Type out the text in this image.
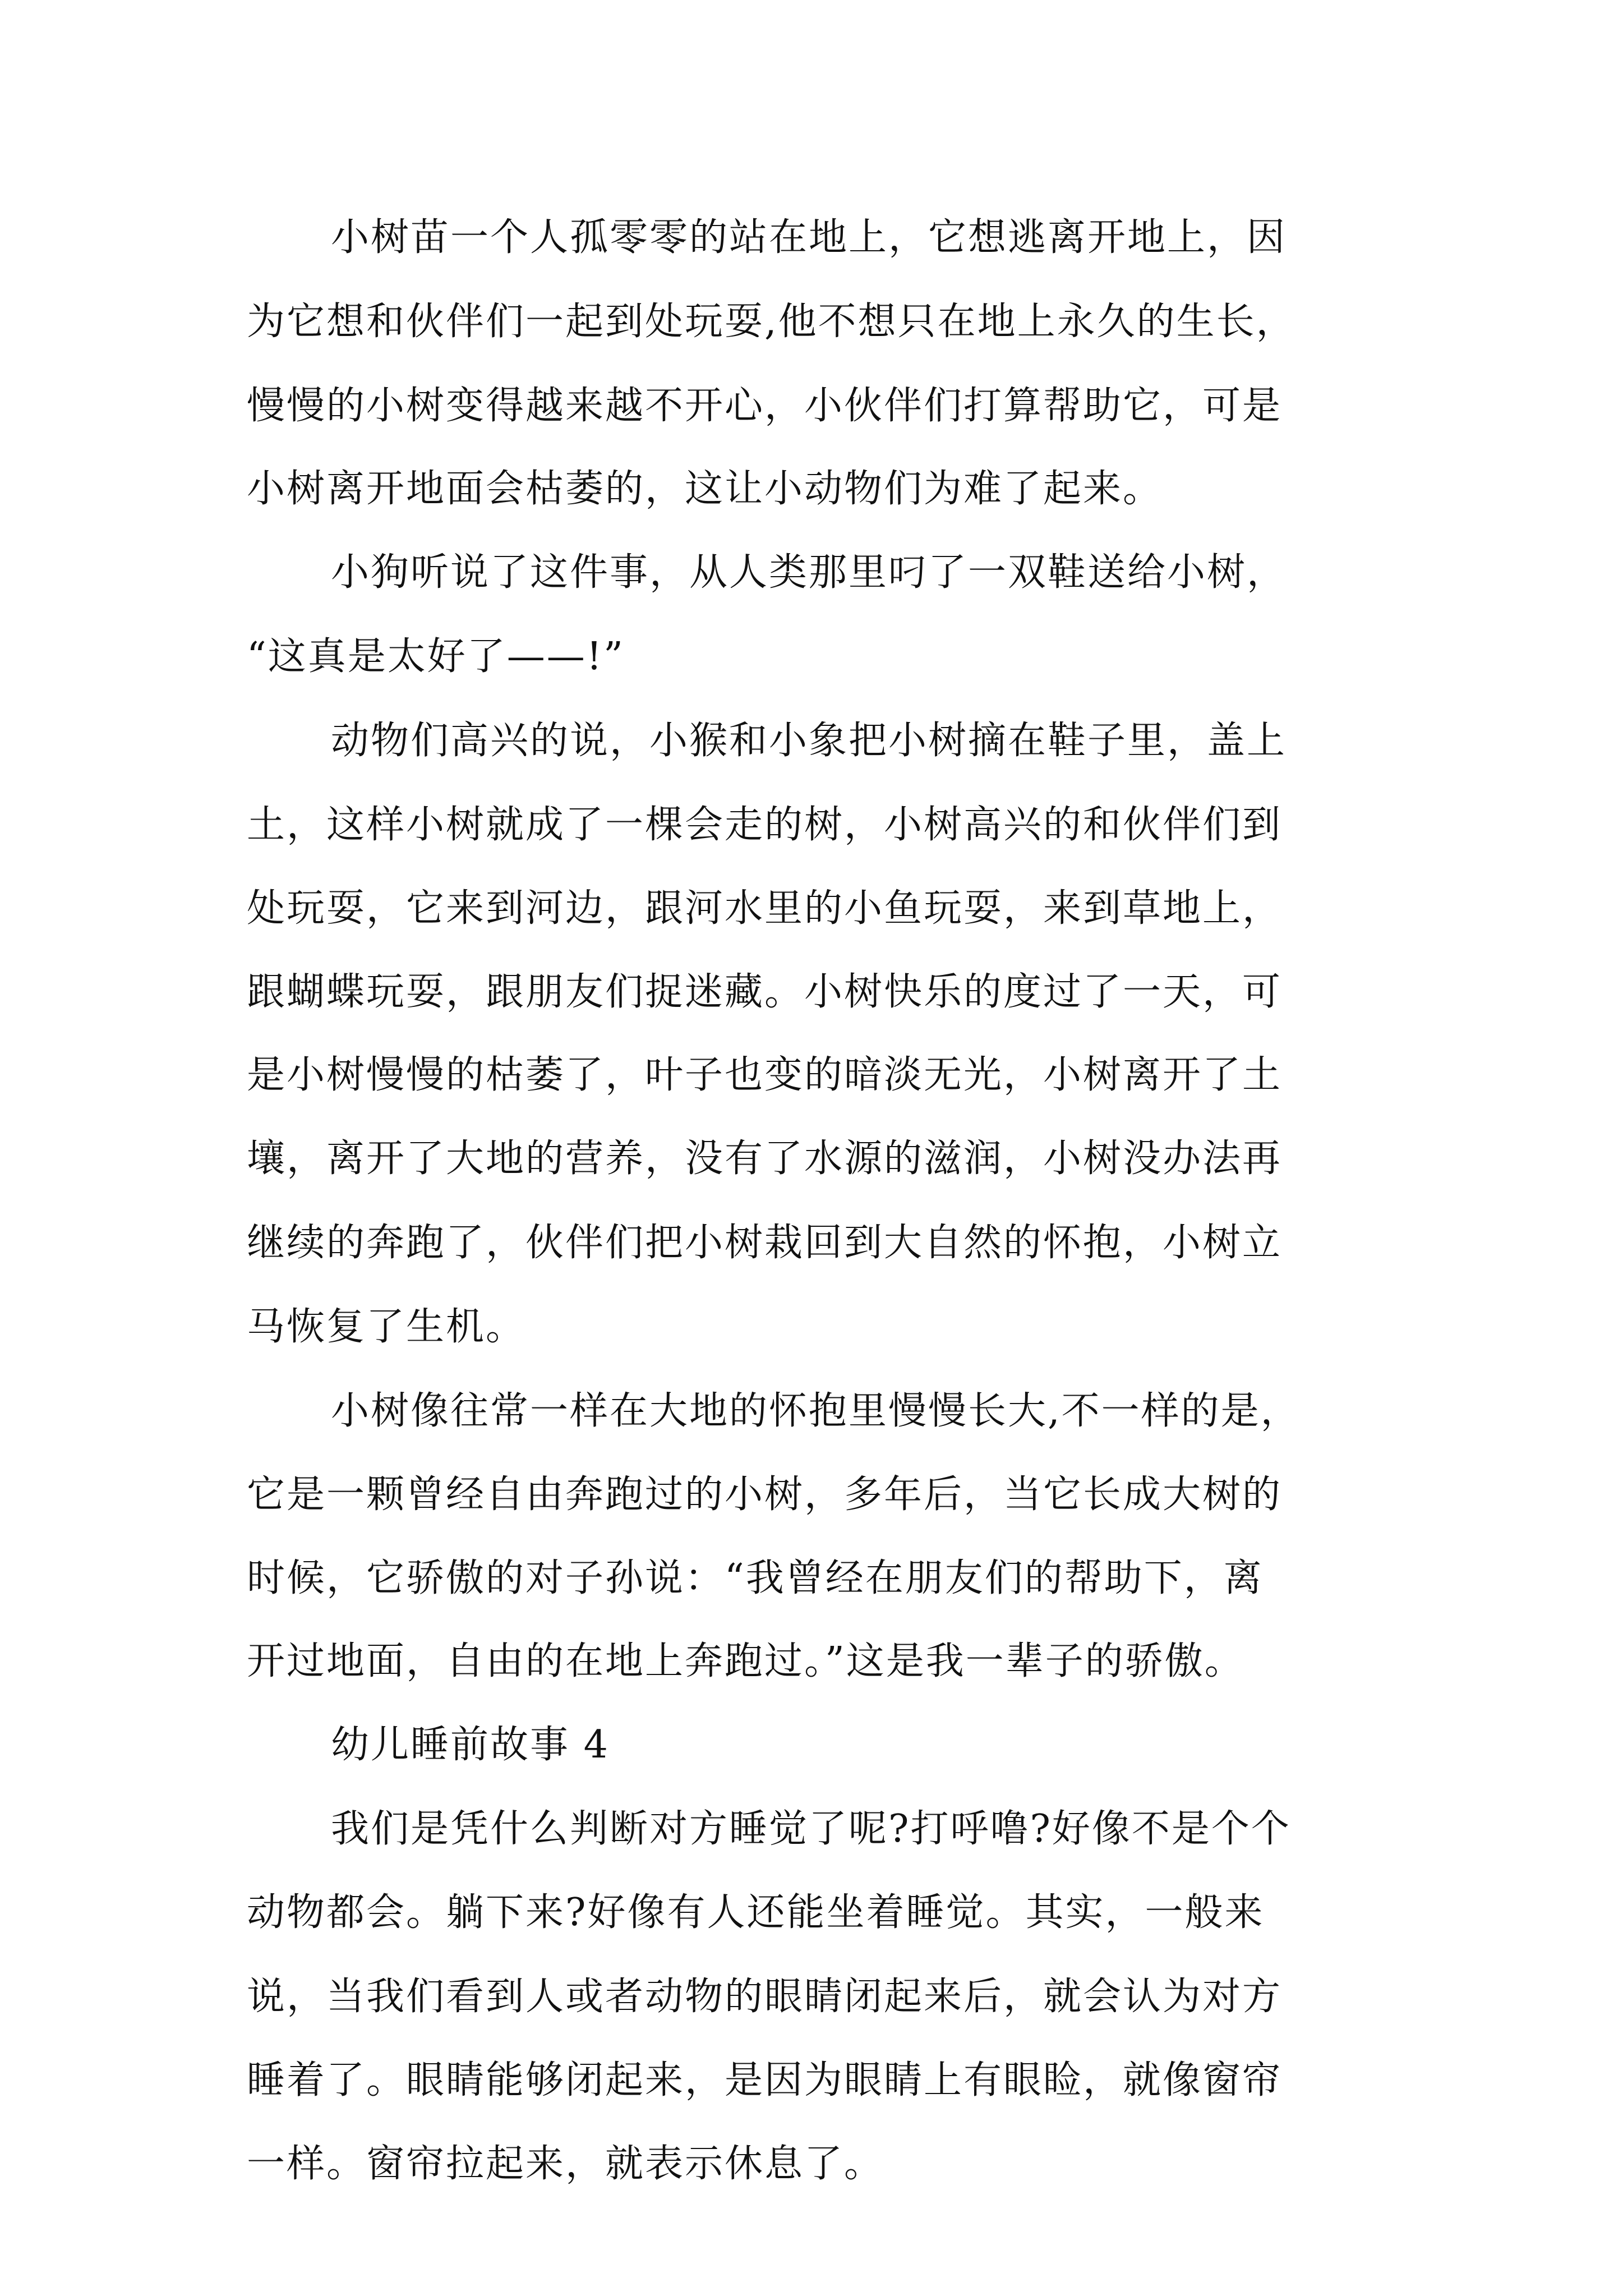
小树苗一个人孤零零的站在地上，它想逃离开地上，因
为它想和伙伴们一起到处玩耍,他不想只在地上永久的生长，
慢慢的小树变得越来越不开心，小伙伴们打算帮助它，可是
小树离开地面会枯萎的，这让小动物们为难了起来。
小狗听说了这件事，从人类那里叼了一双鞋送给小树，
“这真是太好了——!”
动物们高兴的说，小猴和小象把小树摘在鞋子里，盖上
土，这样小树就成了一棵会走的树，小树高兴的和伙伴们到
处玩耍，它来到河边，跟河水里的小鱼玩耍，来到草地上，
跟蝴蝶玩耍，跟朋友们捉迷藏。小树快乐的度过了一天，可
是小树慢慢的枯萎了，叶子也变的暗淡无光，小树离开了土
壤，离开了大地的营养，没有了水源的滋润，小树没办法再
继续的奔跑了，伙伴们把小树栽回到大自然的怀抱，小树立
马恢复了生机。
小树像往常一样在大地的怀抱里慢慢长大,不一样的是，
它是一颗曾经自由奔跑过的小树，多年后，当它长成大树的
时候，它骄傲的对子孙说：“我曾经在朋友们的帮助下，离
开过地面，自由的在地上奔跑过。”这是我一辈子的骄傲。
幼儿睡前故事 4
我们是凭什么判断对方睡觉了呢?打呼噜?好像不是个个
动物都会。躺下来?好像有人还能坐着睡觉。其实，一般来
说，当我们看到人或者动物的眼睛闭起来后，就会认为对方
睡着了。眼睛能够闭起来，是因为眼睛上有眼睑，就像窗帘
一样。窗帘拉起来，就表示休息了。
